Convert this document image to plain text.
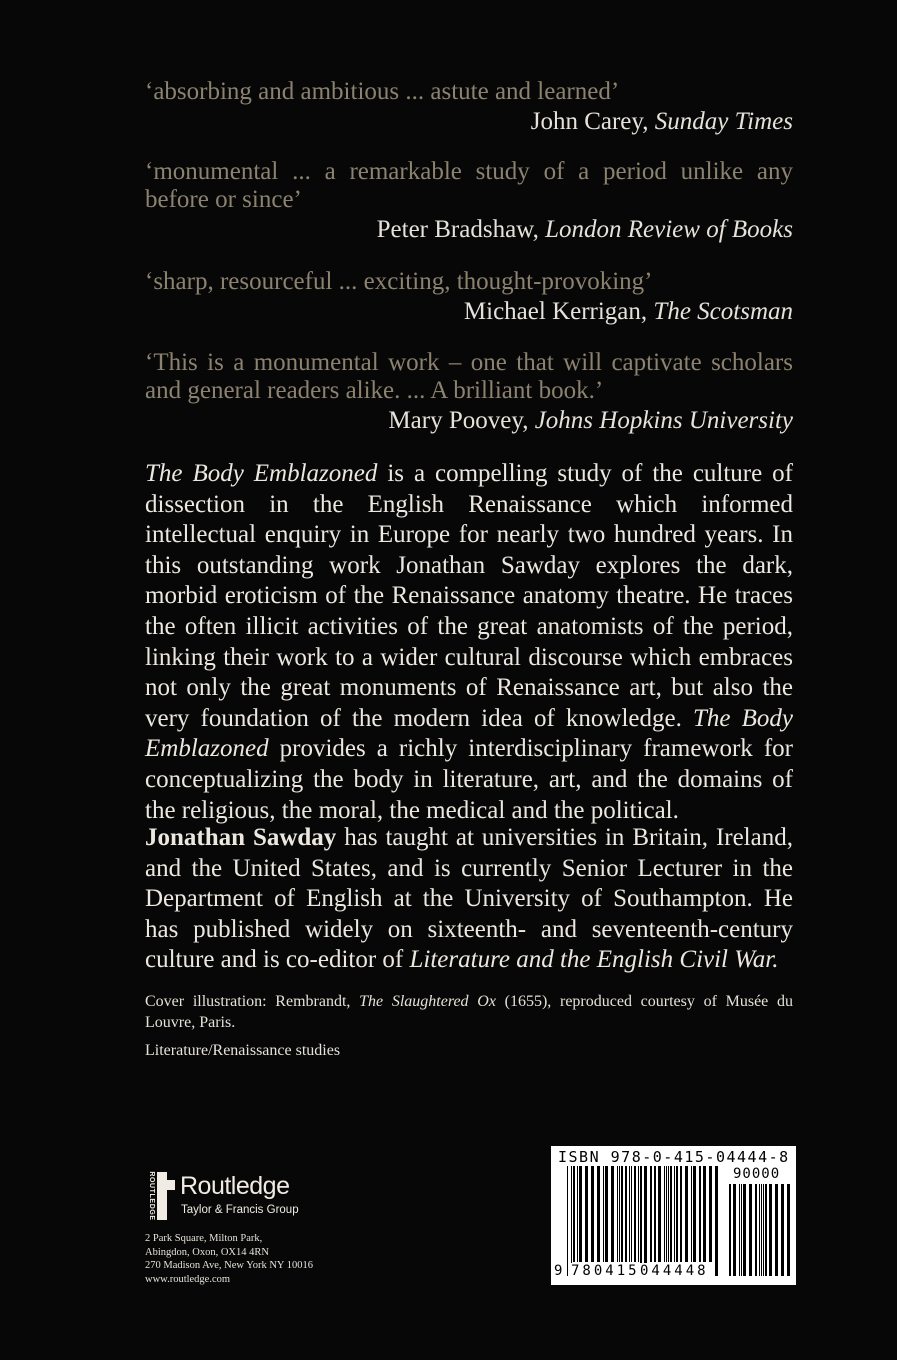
‘absorbing and ambitious ... astute and learned’
John Carey, Sunday Times
‘monumental ... a remarkable study of a period unlike any before or since’
Peter Bradshaw, London Review of Books
‘sharp, resourceful ... exciting, thought-provoking’
Michael Kerrigan, The Scotsman
‘This is a monumental work – one that will captivate scholars and general readers alike. ... A brilliant book.’
Mary Poovey, Johns Hopkins University
The Body Emblazoned is a compelling study of the culture of dissection in the English Renaissance which informed intellectual enquiry in Europe for nearly two hundred years. In this outstanding work Jonathan Sawday explores the dark, morbid eroticism of the Renaissance anatomy theatre. He traces the often illicit activities of the great anatomists of the period, linking their work to a wider cultural discourse which embraces not only the great monuments of Renaissance art, but also the very foundation of the modern idea of knowledge. The Body Emblazoned provides a richly interdisciplinary framework for conceptualizing the body in literature, art, and the domains of the religious, the moral, the medical and the political.
Jonathan Sawday has taught at universities in Britain, Ireland, and the United States, and is currently Senior Lecturer in the Department of English at the University of Southampton. He has published widely on sixteenth- and seventeenth-century culture and is co-editor of Literature and the English Civil War.
Cover illustration: Rembrandt, The Slaughtered Ox (1655), reproduced courtesy of Musée du Louvre, Paris.
Literature/Renaissance studies
ROUTLEDGE Routledge
Taylor & Francis Group
2 Park Square, Milton Park,
Abingdon, Oxon, OX14 4RN
270 Madison Ave, New York NY 10016
www.routledge.com
ISBN 978-0-415-04444-8
90000
9 780415 044448
